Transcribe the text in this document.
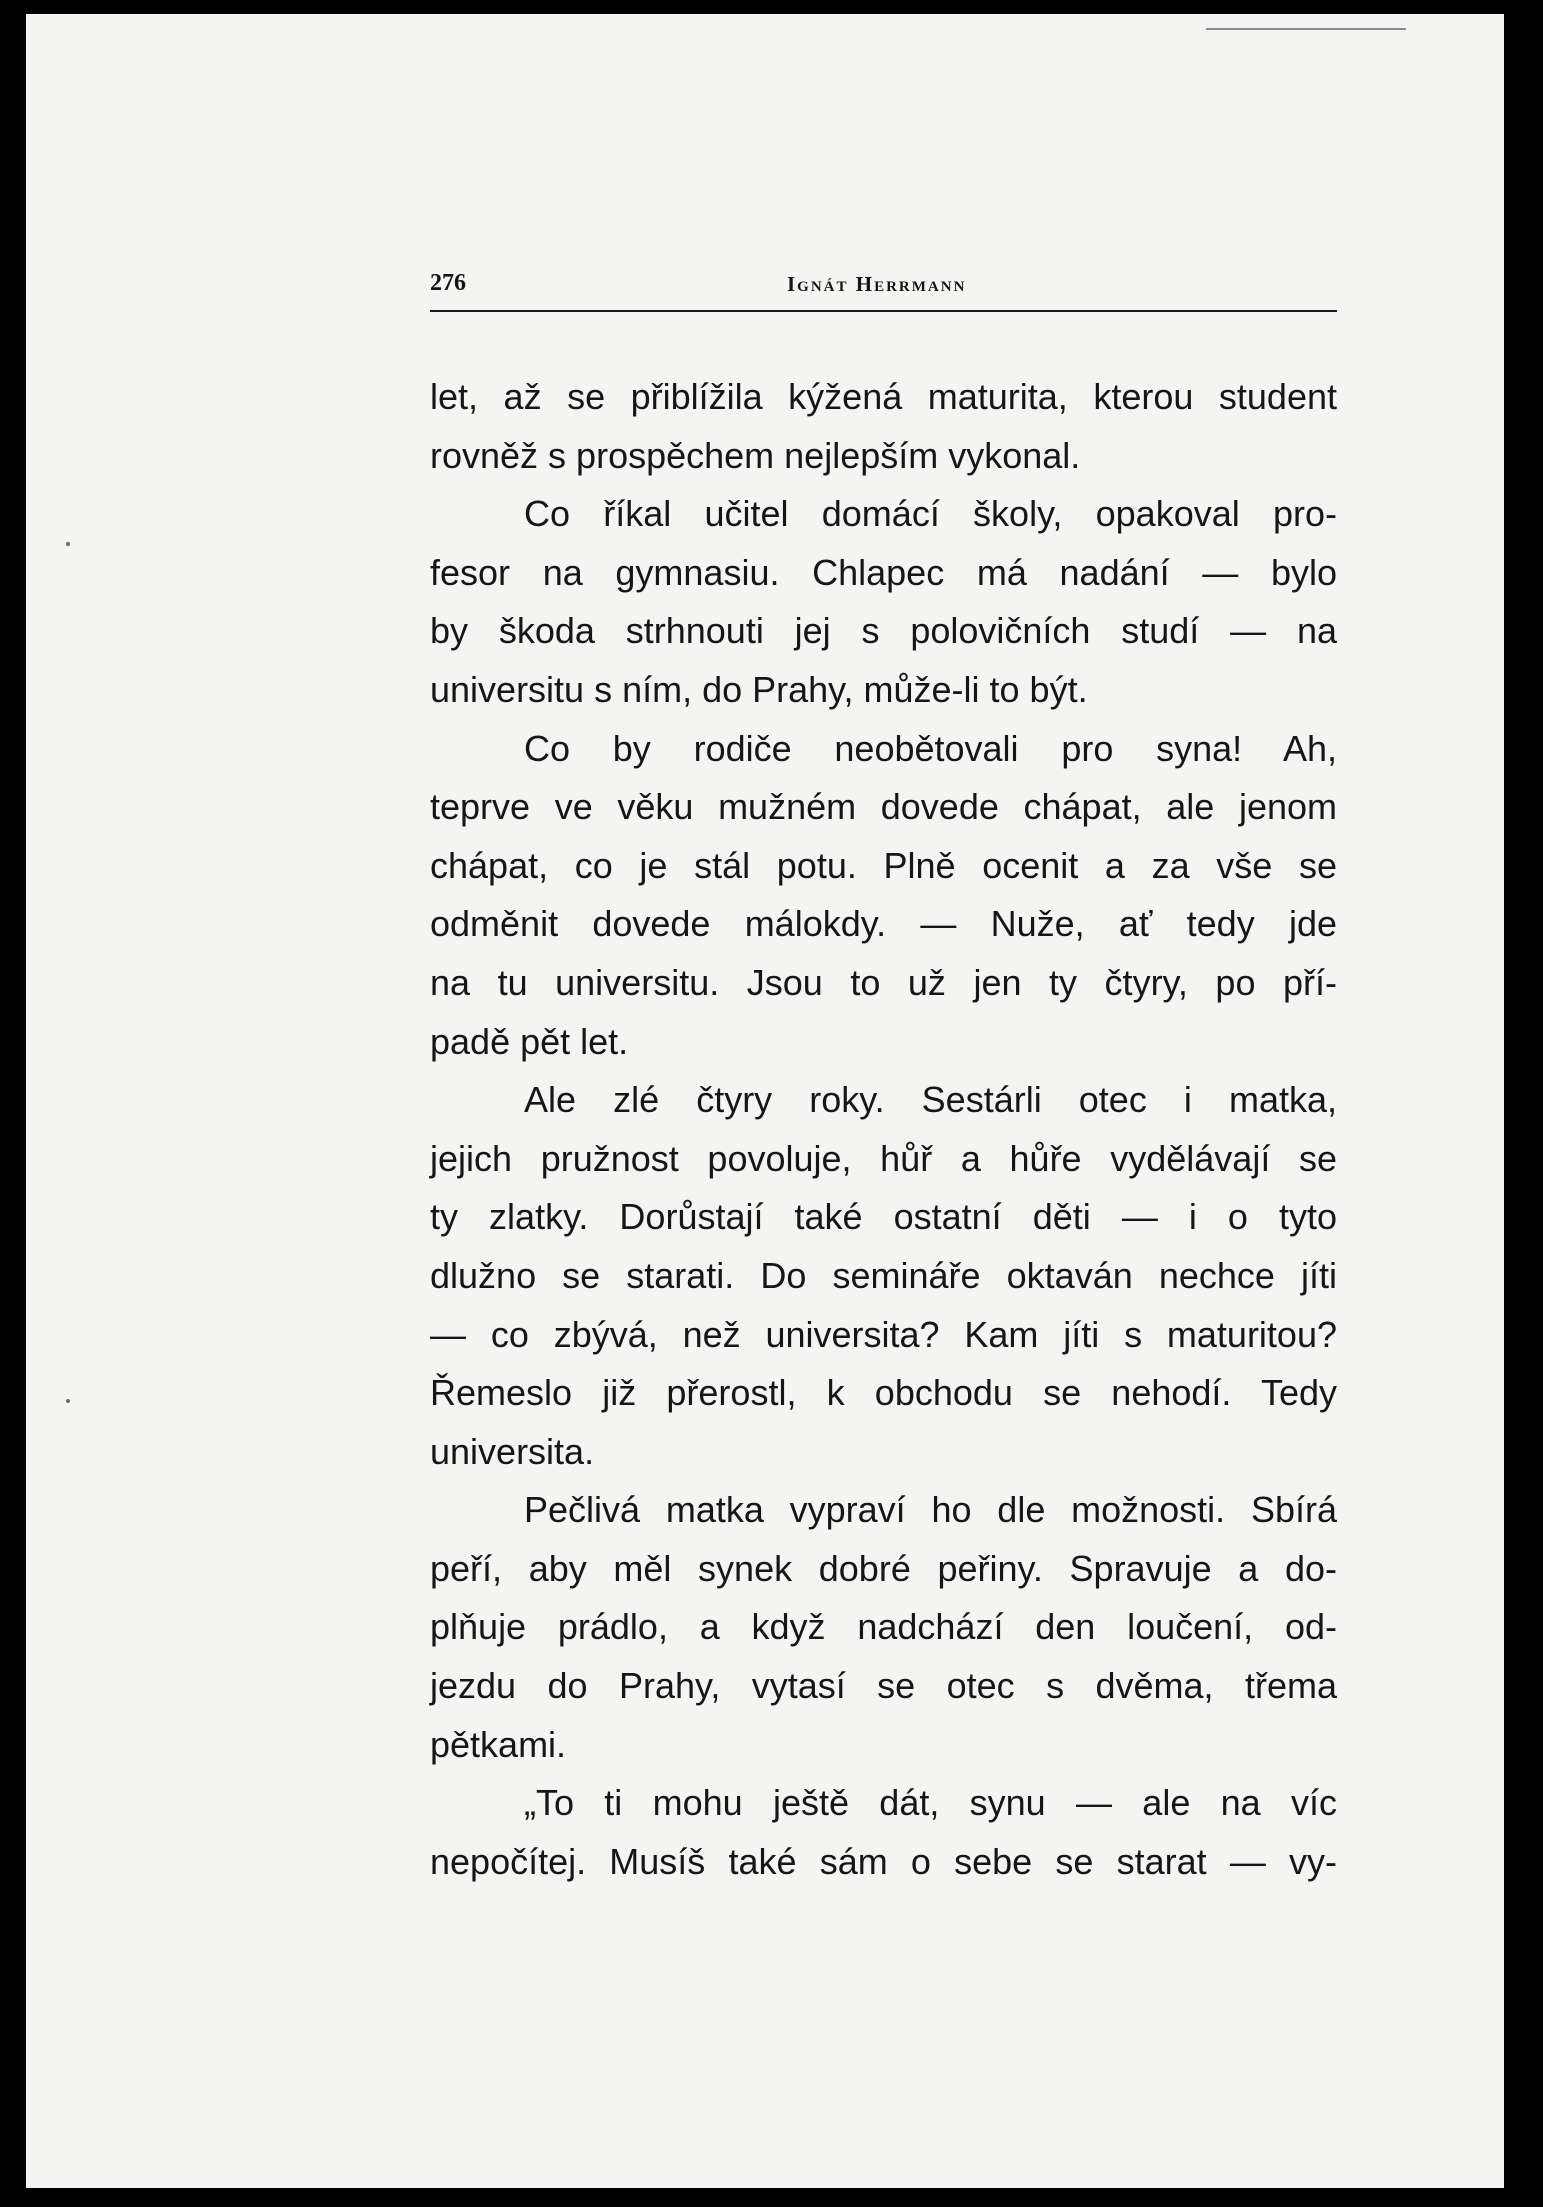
276	Ignát Herrmann
let, až se přiblížila kýžená maturita, kterou student
rovněž s prospěchem nejlepším vykonal.
Co říkal učitel domácí školy, opakoval pro-
fesor na gymnasiu. Chlapec má nadání — bylo
by škoda strhnouti jej s polovičních studí — na
universitu s ním, do Prahy, může-li to být.
Co by rodiče neobětovali pro syna! Ah,
teprve ve věku mužném dovede chápat, ale jenom
chápat, co je stál potu. Plně ocenit a za vše se
odměnit dovede málokdy. — Nuže, ať tedy jde
na tu universitu. Jsou to už jen ty čtyry, po pří-
padě pět let.
Ale zlé čtyry roky. Sestárli otec i matka,
jejich pružnost povoluje, hůř a hůře vydělávají se
ty zlatky. Dorůstají také ostatní děti — i o tyto
dlužno se starati. Do semináře oktaván nechce jíti
— co zbývá, než universita? Kam jíti s maturitou?
Řemeslo již přerostl, k obchodu se nehodí. Tedy
universita.
Pečlivá matka vypraví ho dle možnosti. Sbírá
peří, aby měl synek dobré peřiny. Spravuje a do-
plňuje prádlo, a když nadchází den loučení, od-
jezdu do Prahy, vytasí se otec s dvěma, třema
pětkami.
„To ti mohu ještě dát, synu — ale na víc
nepočítej. Musíš také sám o sebe se starat — vy-
